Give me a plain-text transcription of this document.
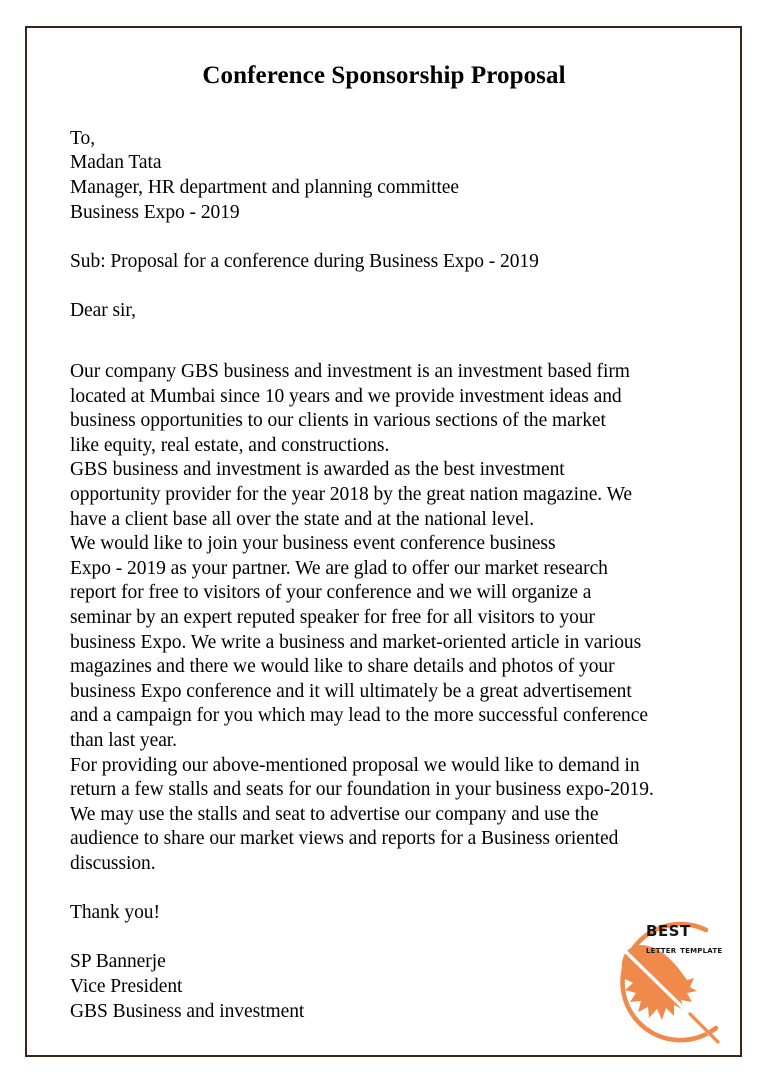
Conference Sponsorship Proposal
To,
Madan Tata
Manager, HR department and planning committee
Business Expo - 2019
Sub: Proposal for a conference during Business Expo - 2019
Dear sir,
Our company GBS business and investment is an investment based firm
located at Mumbai since 10 years and we provide investment ideas and
business opportunities to our clients in various sections of the market
like equity, real estate, and constructions.
GBS business and investment is awarded as the best investment
opportunity provider for the year 2018 by the great nation magazine. We
have a client base all over the state and at the national level.
We would like to join your business event conference business
Expo - 2019 as your partner. We are glad to offer our market research
report for free to visitors of your conference and we will organize a
seminar by an expert reputed speaker for free for all visitors to your
business Expo. We write a business and market-oriented article in various
magazines and there we would like to share details and photos of your
business Expo conference and it will ultimately be a great advertisement
and a campaign for you which may lead to the more successful conference
than last year.
For providing our above-mentioned proposal we would like to demand in
return a few stalls and seats for our foundation in your business expo-2019.
We may use the stalls and seat to advertise our company and use the
audience to share our market views and reports for a Business oriented
discussion.
Thank you!
SP Bannerje
Vice President
GBS Business and investment
best
letter template
